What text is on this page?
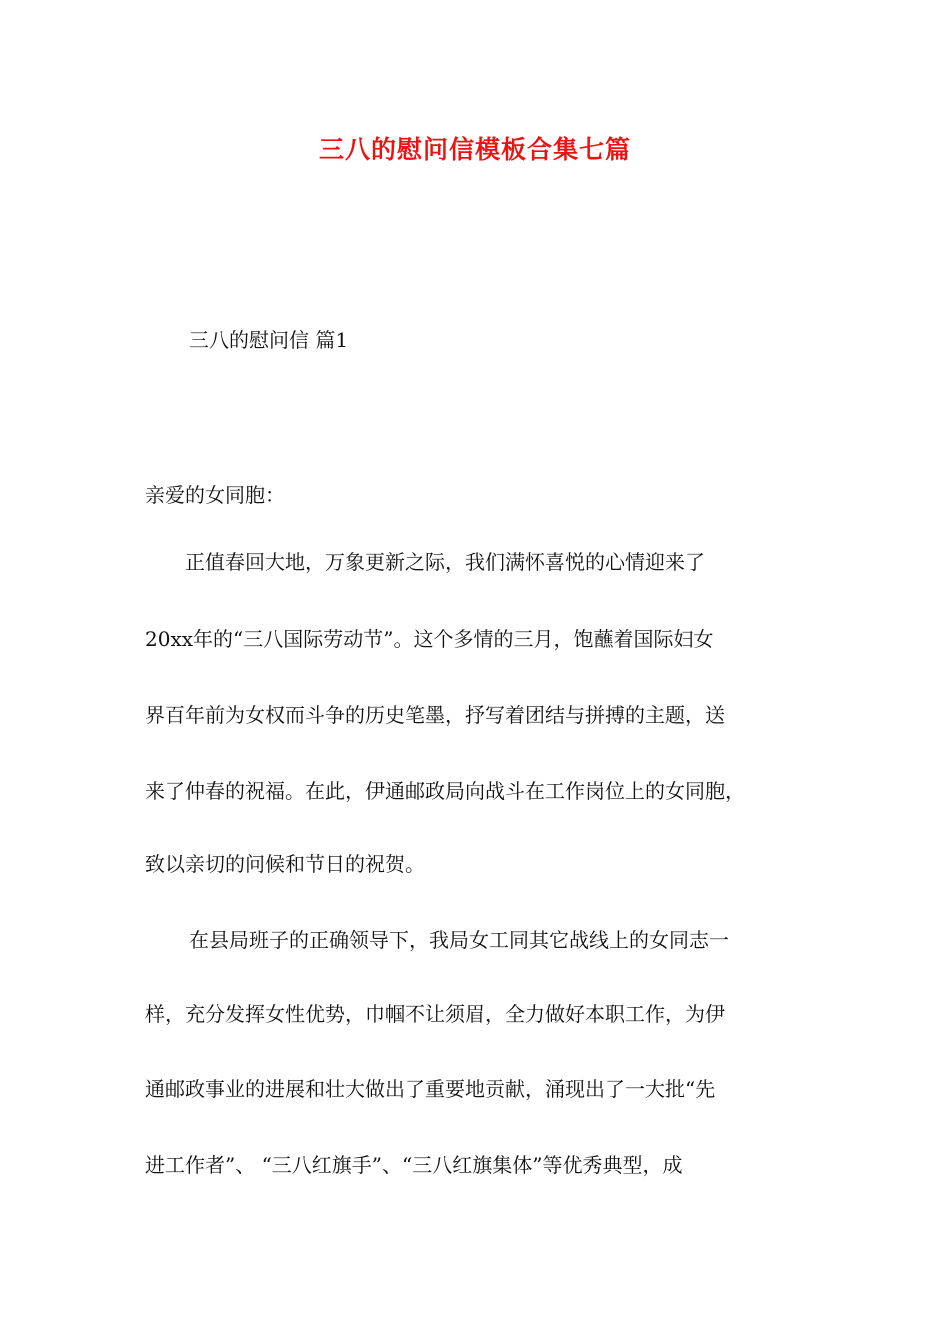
三八的慰问信模板合集七篇
三八的慰问信 篇1
亲爱的女同胞：
　正值春回大地，万象更新之际，我们满怀喜悦的心情迎来了
20xx年的“三八国际劳动节”。这个多情的三月，饱蘸着国际妇女
界百年前为女权而斗争的历史笔墨，抒写着团结与拼搏的主题，送
来了仲春的祝福。在此，伊通邮政局向战斗在工作岗位上的女同胞，
致以亲切的问候和节日的祝贺。
在县局班子的正确领导下，我局女工同其它战线上的女同志一
样，充分发挥女性优势，巾帼不让须眉，全力做好本职工作，为伊
通邮政事业的进展和壮大做出了重要地贡献，涌现出了一大批“先
进工作者”、 “三八红旗手”、“三八红旗集体”等优秀典型，成
